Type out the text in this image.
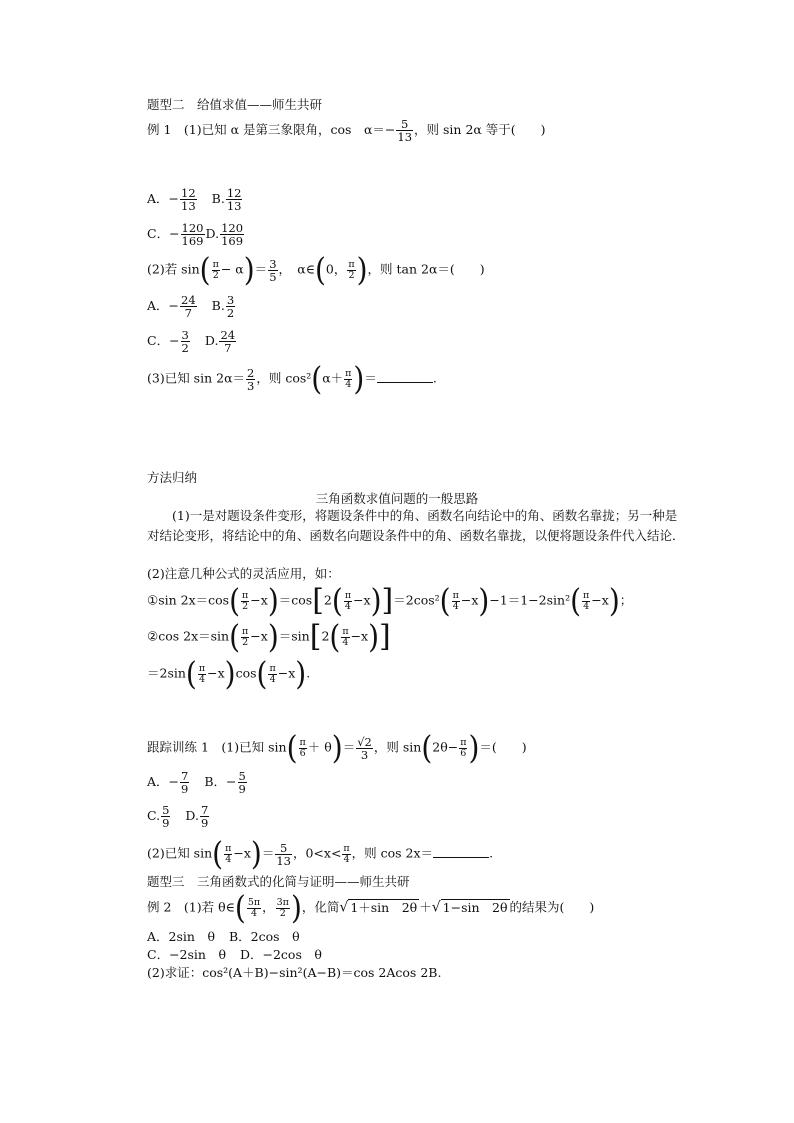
题型二　给值求值——师生共研
例 1　(1)已知 α 是第三象限角，cos　$\alpha=- \frac{5}{13}$ ，则 sin 2α 等于(　　)
A．− $\frac{12}{13} B$. $\frac{12}{13}$
C．− $\frac{120}{169} D$. $\frac{120}{169}$
(2)若 $\sin( \frac{\pi}{2} - \alpha)= \frac{3}{5}$ ，　α∈(0， $\frac{\pi}{2}$ )，则 tan 2α＝(　　)
A．− $\frac{24}{7} B$. $\frac{3}{2}$
C．− $\frac{3}{2} D$. $\frac{24}{7}$
(3)已知 $\sin 2\alpha= \frac{2}{3}$ ，则 $\cos^2(\alpha+ \frac{\pi}{4}$ )＝	.
方法归纳
三角函数求值问题的一般思路
(1)一是对题设条件变形，将题设条件中的角、函数名向结论中的角、函数名靠拢；另一种是对结论变形，将结论中的角、函数名向题设条件中的角、函数名靠拢，以便将题设条件代入结论．
(2)注意几种公式的灵活应用，如：
①sin $2x=\cos( \frac{\pi}{2} -x)=\cos[2( \frac{\pi}{4} -x)]=2\cos^2( \frac{\pi}{4} -x)-1=1-2\sin^2( \frac{\pi}{4} -x)$；
②cos $2x=\sin( \frac{\pi}{2} -x)=\sin[2( \frac{\pi}{4} -x)]$
$=2\sin( \frac{\pi}{4} -x)\cos( \frac{\pi}{4} -x)$.
跟踪训练 1　(1)已知 $\sin( \frac{\pi}{6} + \theta)= \frac{√2}{3}$ ，则 $\sin(2\theta- \frac{\pi}{6}$ )＝(　　)
A．− $\frac{7}{9}$ B．− $\frac{5}{9}$
C. $\frac{5}{9} D$. $\frac{7}{9}$
(2)已知 $\sin( \frac{\pi}{4} -x)= \frac{5}{13}$ ，$0<x< \frac{\pi}{4}$ ，则 cos 2x＝	.
题型三　三角函数式的化简与证明——师生共研
例 2　(1)若 θ∈( $\frac{5\pi}{4}$ ， $\frac{3\pi}{2}$ )，化简√ 1＋sin　2θ ＋√ 1−sin　2θ 的结果为(　　)
A．2sin　θ B．2cos　θ
C．−2sin　θ D．−2cos　θ
(2)求证：cos²(A＋B)−sin²(A−B)＝cos 2Acos 2B.
